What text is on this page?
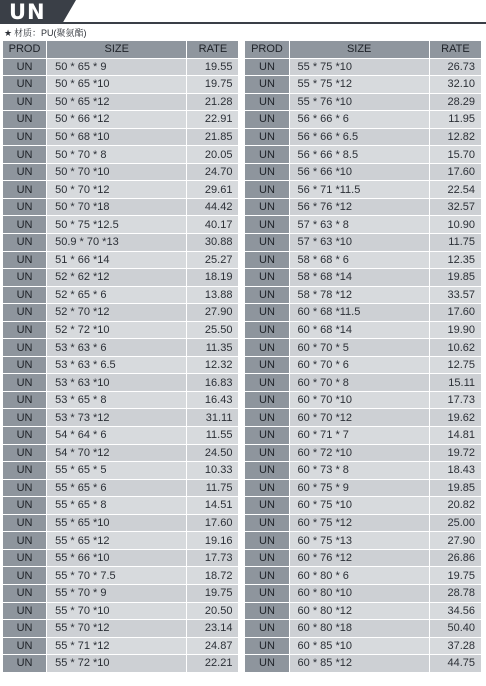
UN
★ 材质：PU(聚氨酯)
PROD	SIZE	RATE		PROD	SIZE	RATE
UN	50 * 65 * 9	19.55		UN	55 * 75 *10	26.73
UN	50 * 65 *10	19.75		UN	55 * 75 *12	32.10
UN	50 * 65 *12	21.28		UN	55 * 76 *10	28.29
UN	50 * 66 *12	22.91		UN	56 * 66 * 6	11.95
UN	50 * 68 *10	21.85		UN	56 * 66 * 6.5	12.82
UN	50 * 70 * 8	20.05		UN	56 * 66 * 8.5	15.70
UN	50 * 70 *10	24.70		UN	56 * 66 *10	17.60
UN	50 * 70 *12	29.61		UN	56 * 71 *11.5	22.54
UN	50 * 70 *18	44.42		UN	56 * 76 *12	32.57
UN	50 * 75 *12.5	40.17		UN	57 * 63 * 8	10.90
UN	50.9 * 70 *13	30.88		UN	57 * 63 *10	11.75
UN	51 * 66 *14	25.27		UN	58 * 68 * 6	12.35
UN	52 * 62 *12	18.19		UN	58 * 68 *14	19.85
UN	52 * 65 * 6	13.88		UN	58 * 78 *12	33.57
UN	52 * 70 *12	27.90		UN	60 * 68 *11.5	17.60
UN	52 * 72 *10	25.50		UN	60 * 68 *14	19.90
UN	53 * 63 * 6	11.35		UN	60 * 70 * 5	10.62
UN	53 * 63 * 6.5	12.32		UN	60 * 70 * 6	12.75
UN	53 * 63 *10	16.83		UN	60 * 70 * 8	15.11
UN	53 * 65 * 8	16.43		UN	60 * 70 *10	17.73
UN	53 * 73 *12	31.11		UN	60 * 70 *12	19.62
UN	54 * 64 * 6	11.55		UN	60 * 71 * 7	14.81
UN	54 * 70 *12	24.50		UN	60 * 72 *10	19.72
UN	55 * 65 * 5	10.33		UN	60 * 73 * 8	18.43
UN	55 * 65 * 6	11.75		UN	60 * 75 * 9	19.85
UN	55 * 65 * 8	14.51		UN	60 * 75 *10	20.82
UN	55 * 65 *10	17.60		UN	60 * 75 *12	25.00
UN	55 * 65 *12	19.16		UN	60 * 75 *13	27.90
UN	55 * 66 *10	17.73		UN	60 * 76 *12	26.86
UN	55 * 70 * 7.5	18.72		UN	60 * 80 * 6	19.75
UN	55 * 70 * 9	19.75		UN	60 * 80 *10	28.78
UN	55 * 70 *10	20.50		UN	60 * 80 *12	34.56
UN	55 * 70 *12	23.14		UN	60 * 80 *18	50.40
UN	55 * 71 *12	24.87		UN	60 * 85 *10	37.28
UN	55 * 72 *10	22.21		UN	60 * 85 *12	44.75
